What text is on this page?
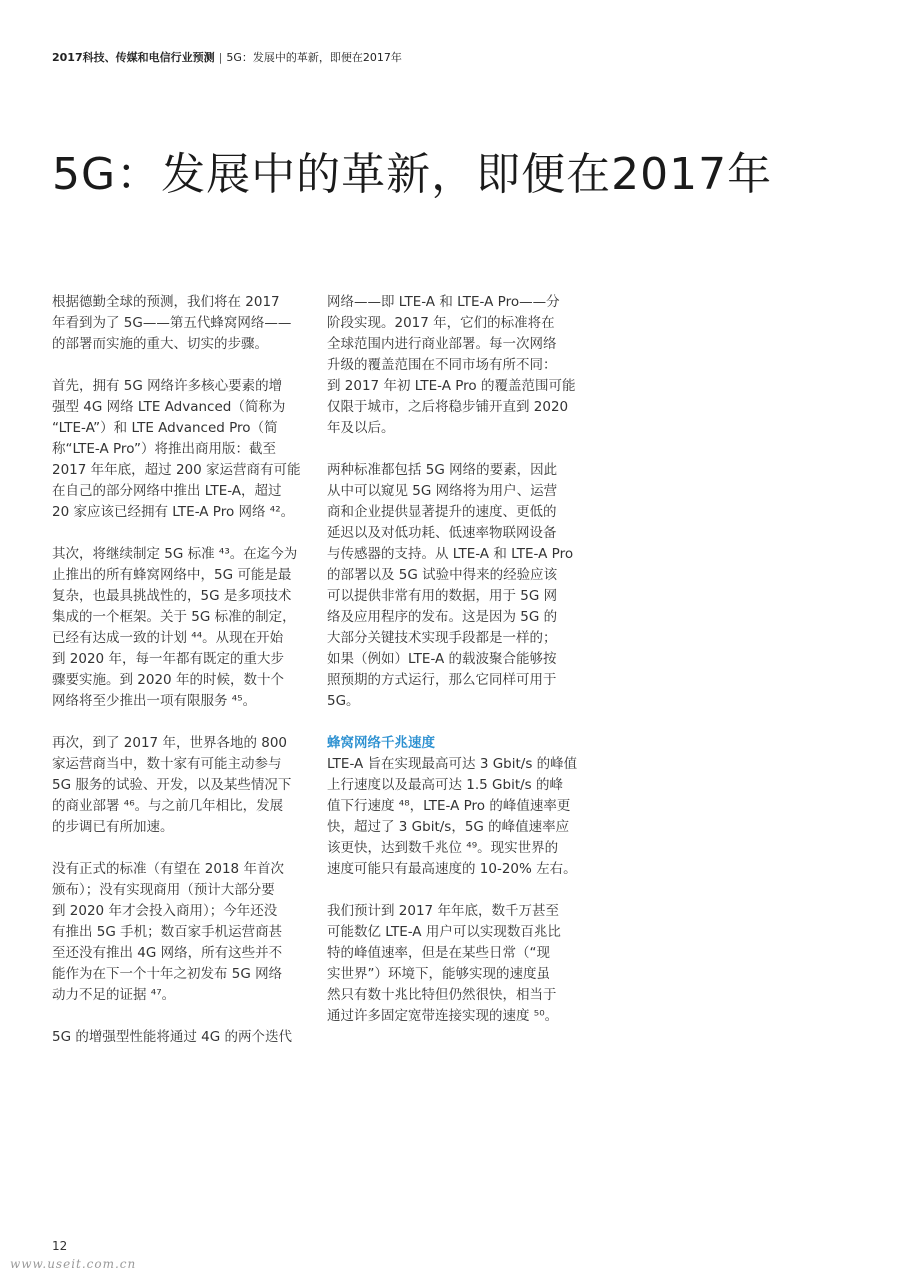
2017科技、传媒和电信行业预测 | 5G：发展中的革新，即便在2017年
5G：发展中的革新，即便在2017年
根据德勤全球的预测，我们将在 2017
年看到为了 5G——第五代蜂窝网络——
的部署而实施的重大、切实的步骤。
首先，拥有 5G 网络许多核心要素的增
强型 4G 网络 LTE Advanced（简称为
“LTE-A”）和 LTE Advanced Pro（简
称“LTE-A Pro”）将推出商用版：截至
2017 年年底，超过 200 家运营商有可能
在自己的部分网络中推出 LTE-A，超过
20 家应该已经拥有 LTE-A Pro 网络 ⁴²。
其次，将继续制定 5G 标准 ⁴³。在迄今为
止推出的所有蜂窝网络中，5G 可能是最
复杂，也最具挑战性的，5G 是多项技术
集成的一个框架。关于 5G 标准的制定，
已经有达成一致的计划 ⁴⁴。从现在开始
到 2020 年，每一年都有既定的重大步
骤要实施。到 2020 年的时候，数十个
网络将至少推出一项有限服务 ⁴⁵。
再次，到了 2017 年，世界各地的 800
家运营商当中，数十家有可能主动参与
5G 服务的试验、开发，以及某些情况下
的商业部署 ⁴⁶。与之前几年相比，发展
的步调已有所加速。
没有正式的标准（有望在 2018 年首次
颁布）；没有实现商用（预计大部分要
到 2020 年才会投入商用）；今年还没
有推出 5G 手机；数百家手机运营商甚
至还没有推出 4G 网络，所有这些并不
能作为在下一个十年之初发布 5G 网络
动力不足的证据 ⁴⁷。
5G 的增强型性能将通过 4G 的两个迭代
网络——即 LTE-A 和 LTE-A Pro——分
阶段实现。2017 年，它们的标准将在
全球范围内进行商业部署。每一次网络
升级的覆盖范围在不同市场有所不同：
到 2017 年初 LTE-A Pro 的覆盖范围可能
仅限于城市，之后将稳步铺开直到 2020
年及以后。
两种标准都包括 5G 网络的要素，因此
从中可以窥见 5G 网络将为用户、运营
商和企业提供显著提升的速度、更低的
延迟以及对低功耗、低速率物联网设备
与传感器的支持。从 LTE-A 和 LTE-A Pro
的部署以及 5G 试验中得来的经验应该
可以提供非常有用的数据，用于 5G 网
络及应用程序的发布。这是因为 5G 的
大部分关键技术实现手段都是一样的；
如果（例如）LTE-A 的载波聚合能够按
照预期的方式运行，那么它同样可用于
5G。
蜂窝网络千兆速度
LTE-A 旨在实现最高可达 3 Gbit/s 的峰值
上行速度以及最高可达 1.5 Gbit/s 的峰
值下行速度 ⁴⁸，LTE-A Pro 的峰值速率更
快，超过了 3 Gbit/s，5G 的峰值速率应
该更快，达到数千兆位 ⁴⁹。现实世界的
速度可能只有最高速度的 10-20% 左右。
我们预计到 2017 年年底，数千万甚至
可能数亿 LTE-A 用户可以实现数百兆比
特的峰值速率，但是在某些日常（“现
实世界”）环境下，能够实现的速度虽
然只有数十兆比特但仍然很快，相当于
通过许多固定宽带连接实现的速度 ⁵⁰。
12
www.useit.com.cn
